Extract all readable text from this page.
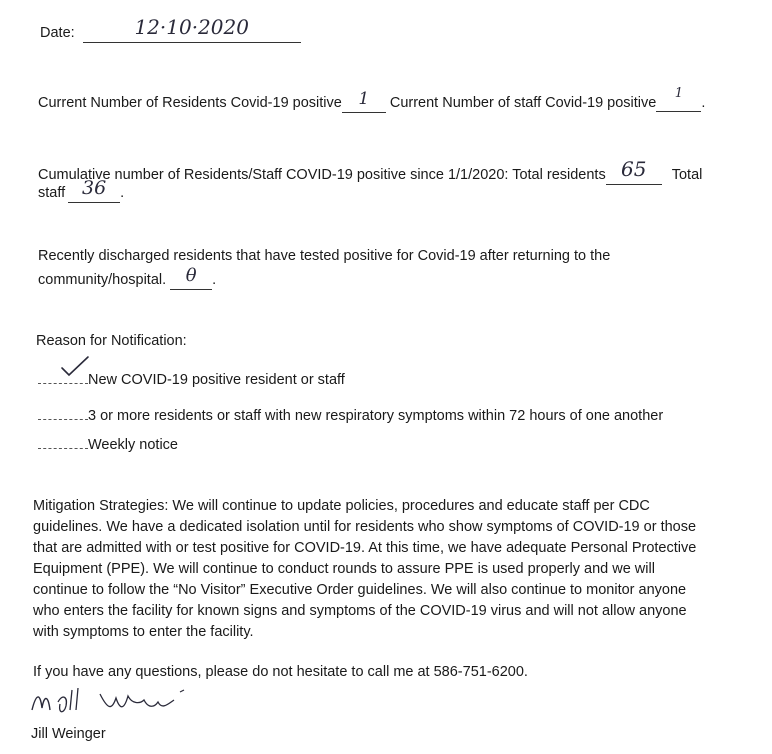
Date:	12·10·2020
Current Number of Residents Covid-19 positive 1 Current Number of staff Covid-19 positive1.
Cumulative number of Residents/Staff COVID-19 positive since 1/1/2020: Total residents 65 Total
staff 36 .
Recently discharged residents that have tested positive for Covid-19 after returning to the
community/hospital. θ .
Reason for Notification:
New COVID-19 positive resident or staff
3 or more residents or staff with new respiratory symptoms within 72 hours of one another
Weekly notice
Mitigation Strategies: We will continue to update policies, procedures and educate staff per CDC
guidelines. We have a dedicated isolation until for residents who show symptoms of COVID-19 or those
that are admitted with or test positive for COVID-19. At this time, we have adequate Personal Protective
Equipment (PPE). We will continue to conduct rounds to assure PPE is used properly and we will
continue to follow the “No Visitor” Executive Order guidelines. We will also continue to monitor anyone
who enters the facility for known signs and symptoms of the COVID-19 virus and will not allow anyone
with symptoms to enter the facility.
If you have any questions, please do not hesitate to call me at 586-751-6200.
Jill Weinger
